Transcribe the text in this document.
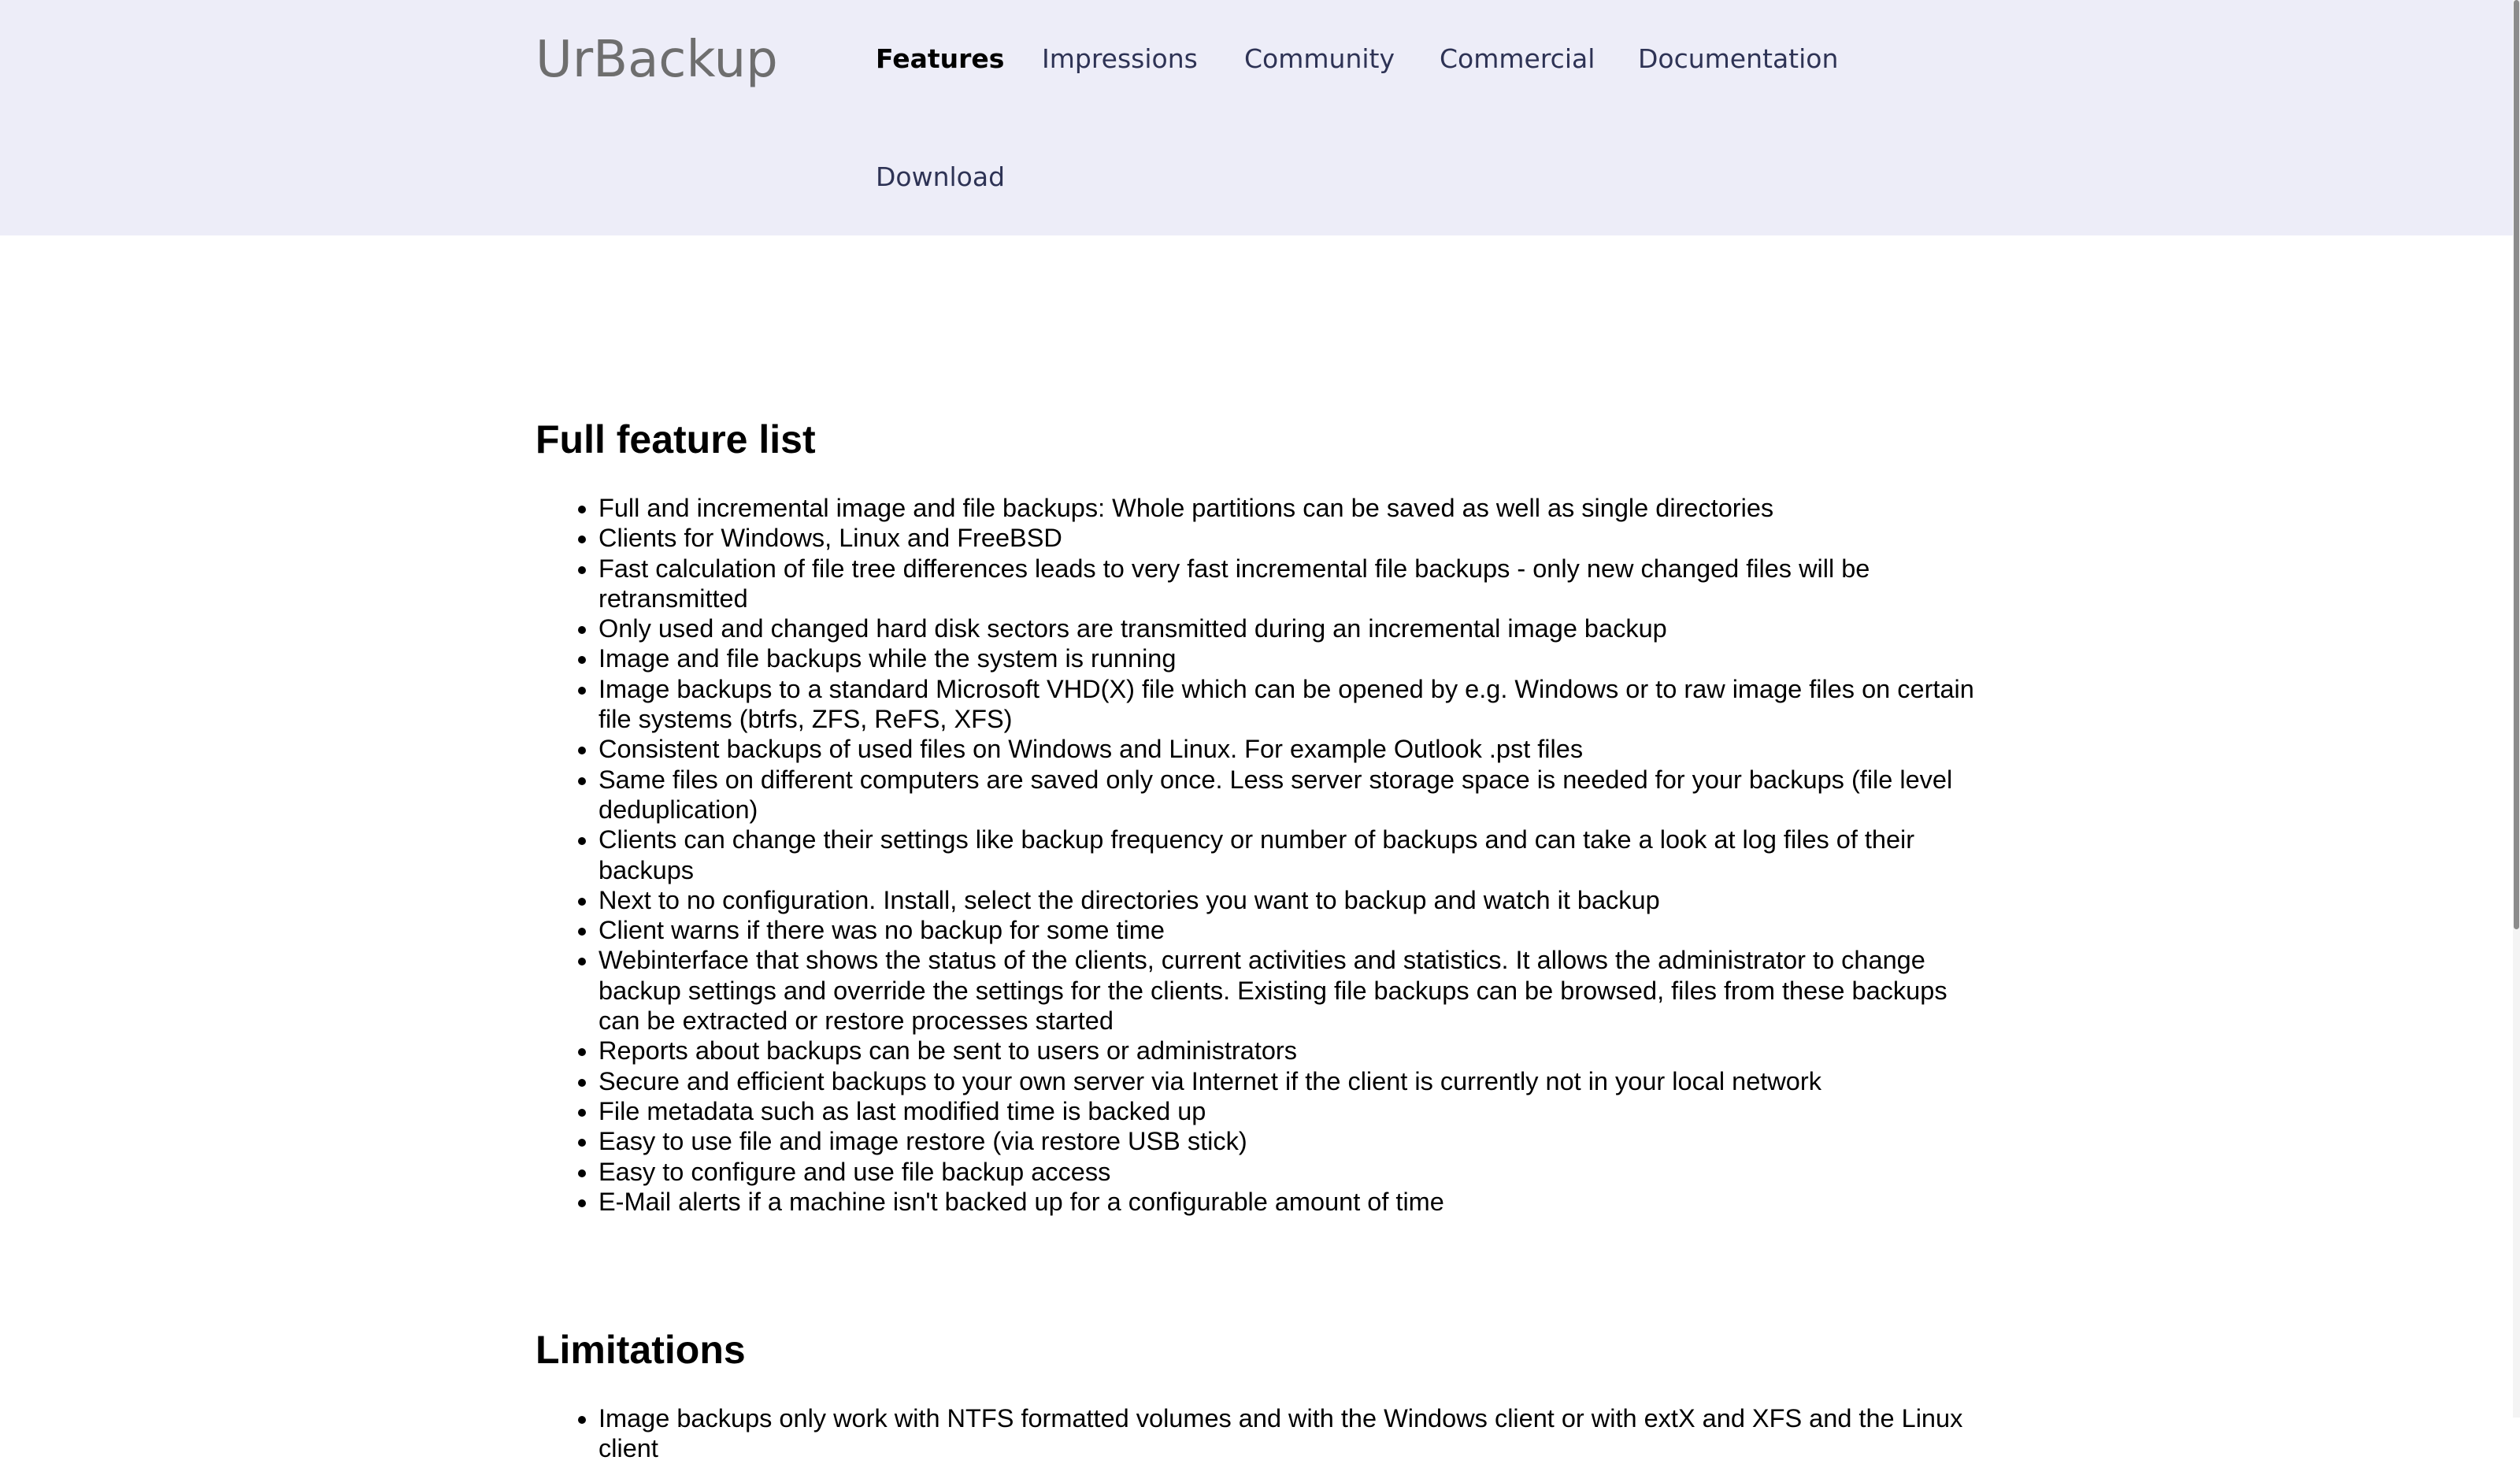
UrBackup	Features Impressions Community Commercial Documentation
Download
Full feature list
• Full and incremental image and file backups: Whole partitions can be saved as well as single directories
• Clients for Windows, Linux and FreeBSD
• Fast calculation of file tree differences leads to very fast incremental file backups - only new changed files will be retransmitted
• Only used and changed hard disk sectors are transmitted during an incremental image backup
• Image and file backups while the system is running
• Image backups to a standard Microsoft VHD(X) file which can be opened by e.g. Windows or to raw image files on certain file systems (btrfs, ZFS, ReFS, XFS)
• Consistent backups of used files on Windows and Linux. For example Outlook .pst files
• Same files on different computers are saved only once. Less server storage space is needed for your backups (file level deduplication)
• Clients can change their settings like backup frequency or number of backups and can take a look at log files of their backups
• Next to no configuration. Install, select the directories you want to backup and watch it backup
• Client warns if there was no backup for some time
• Webinterface that shows the status of the clients, current activities and statistics. It allows the administrator to change backup settings and override the settings for the clients. Existing file backups can be browsed, files from these backups can be extracted or restore processes started
• Reports about backups can be sent to users or administrators
• Secure and efficient backups to your own server via Internet if the client is currently not in your local network
• File metadata such as last modified time is backed up
• Easy to use file and image restore (via restore USB stick)
• Easy to configure and use file backup access
• E-Mail alerts if a machine isn't backed up for a configurable amount of time
Limitations
• Image backups only work with NTFS formatted volumes and with the Windows client or with extX and XFS and the Linux client
